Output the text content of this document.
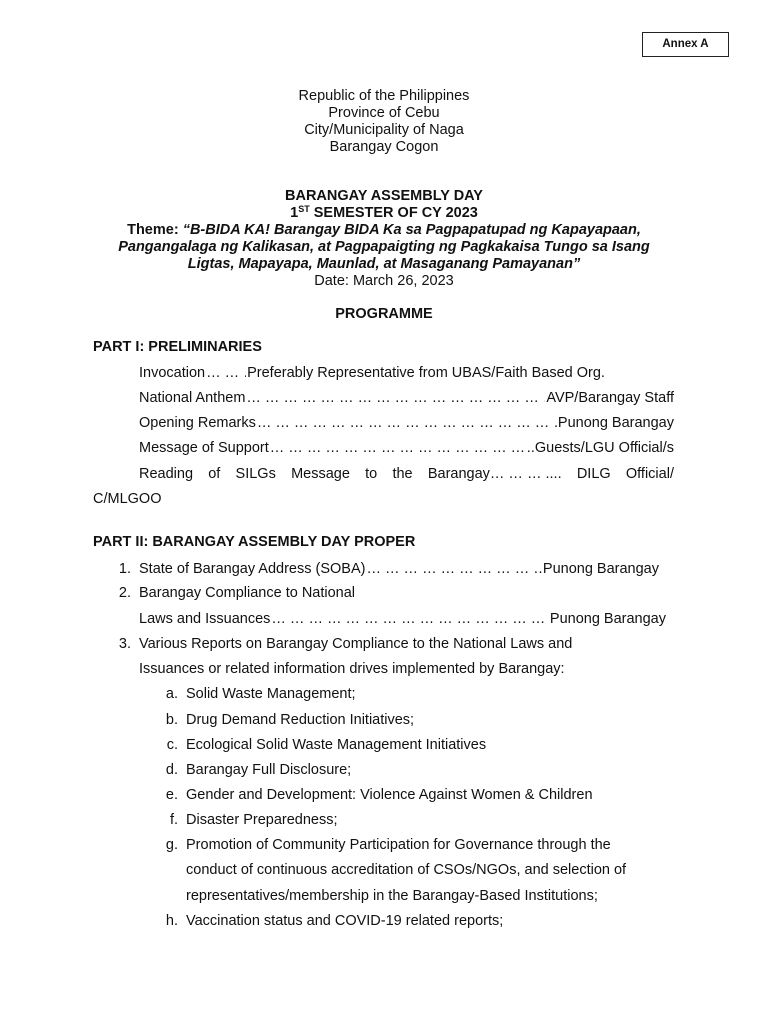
Annex A
Republic of the Philippines
Province of Cebu
City/Municipality of Naga
Barangay Cogon
BARANGAY ASSEMBLY DAY
1ST SEMESTER OF CY 2023
Theme: “B-BIDA KA! Barangay BIDA Ka sa Pagpapatupad ng Kapayapaan,
Pangangalaga ng Kalikasan, at Pagpapaigting ng Pagkakaisa Tungo sa Isang
Ligtas, Mapayapa, Maunlad, at Masaganang Pamayanan”
Date: March 26, 2023
PROGRAMME
PART I: PRELIMINARIES
Invocation … … … … … … … … … … … … … … … … … … … … … … … … … … … … … … … … … … … … … … … … … … … …	Preferably Representative from UBAS/Faith Based Org.
National Anthem … … … … … … … … … … … … … … … … … … … … … … … … … … … … … … … … … … … … … … … … … … … …	AVP/Barangay Staff
Opening Remarks … … … … … … … … … … … … … … … … … … … … … … … … … … … … … … … … … … … … … … … … … … … …	Punong Barangay
Message of Support … … … … … … … … … … … … … … … … … … … … … … … … … … … … … … … … … … … … … … … … … … … …	..Guests/LGU Official/s
Reading of SILGs Message to the Barangay… … … .... DILG Official/
C/MLGOO
PART II: BARANGAY ASSEMBLY DAY PROPER
1. State of Barangay Address (SOBA) … … … … … … … … … … … … … … … … … … … … … … … … … … … … … … … … … … … … … … … … … … … …	Punong Barangay
2. Barangay Compliance to National
Laws and Issuances … … … … … … … … … … … … … … … … … … … … … … … … … … … … … … … … … … … … … … … … … … … …	Punong Barangay
3. Various Reports on Barangay Compliance to the National Laws and
Issuances or related information drives implemented by Barangay:
a. Solid Waste Management;
b. Drug Demand Reduction Initiatives;
c. Ecological Solid Waste Management Initiatives
d. Barangay Full Disclosure;
e. Gender and Development: Violence Against Women & Children
f. Disaster Preparedness;
g. Promotion of Community Participation for Governance through the
conduct of continuous accreditation of CSOs/NGOs, and selection of
representatives/membership in the Barangay-Based Institutions;
h. Vaccination status and COVID-19 related reports;
